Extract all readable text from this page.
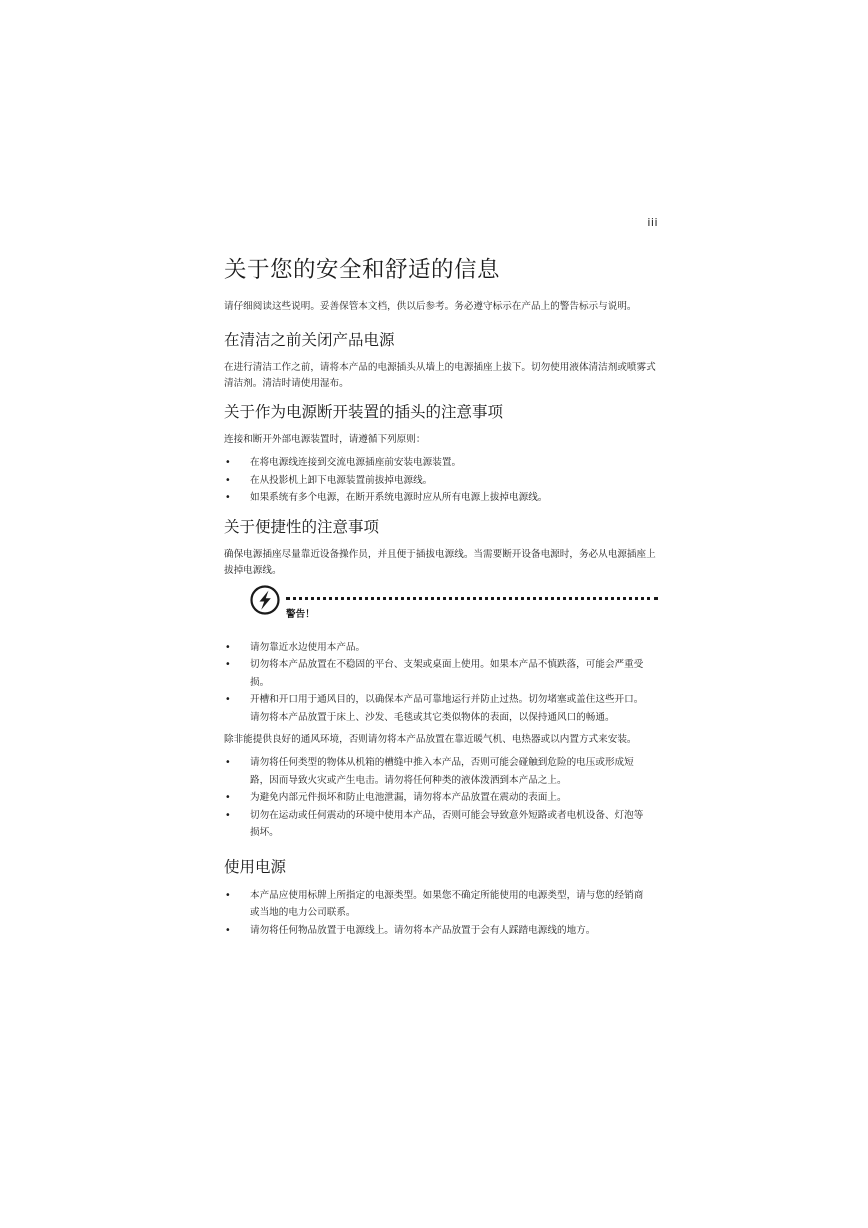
iii
关于您的安全和舒适的信息

请仔细阅读这些说明。妥善保管本文档，供以后参考。务必遵守标示在产品上的警告标示与说明。

在清洁之前关闭产品电源

在进行清洁工作之前，请将本产品的电源插头从墙上的电源插座上拔下。切勿使用液体清洁剂或喷雾式清洁剂。清洁时请使用湿布。

关于作为电源断开装置的插头的注意事项

连接和断开外部电源装置时，请遵循下列原则：

• 在将电源线连接到交流电源插座前安装电源装置。
• 在从投影机上卸下电源装置前拔掉电源线。
• 如果系统有多个电源，在断开系统电源时应从所有电源上拔掉电源线。
关于便捷性的注意事项

确保电源插座尽量靠近设备操作员，并且便于插拔电源线。当需要断开设备电源时，务必从电源插座上拔掉电源线。

警告！
• 请勿靠近水边使用本产品。
• 切勿将本产品放置在不稳固的平台、支架或桌面上使用。如果本产品不慎跌落，可能会严重受损。
• 开槽和开口用于通风目的，以确保本产品可靠地运行并防止过热。切勿堵塞或盖住这些开口。请勿将本产品放置于床上、沙发、毛毯或其它类似物体的表面，以保持通风口的畅通。

除非能提供良好的通风环境，否则请勿将本产品放置在靠近暖气机、电热器或以内置方式来安装。

• 请勿将任何类型的物体从机箱的槽缝中推入本产品，否则可能会碰触到危险的电压或形成短路，因而导致火灾或产生电击。请勿将任何种类的液体泼洒到本产品之上。
• 为避免内部元件损坏和防止电池泄漏，请勿将本产品放置在震动的表面上。
• 切勿在运动或任何震动的环境中使用本产品，否则可能会导致意外短路或者电机设备、灯泡等损坏。
使用电源
• 本产品应使用标牌上所指定的电源类型。如果您不确定所能使用的电源类型，请与您的经销商或当地的电力公司联系。
• 请勿将任何物品放置于电源线上。请勿将本产品放置于会有人踩踏电源线的地方。
